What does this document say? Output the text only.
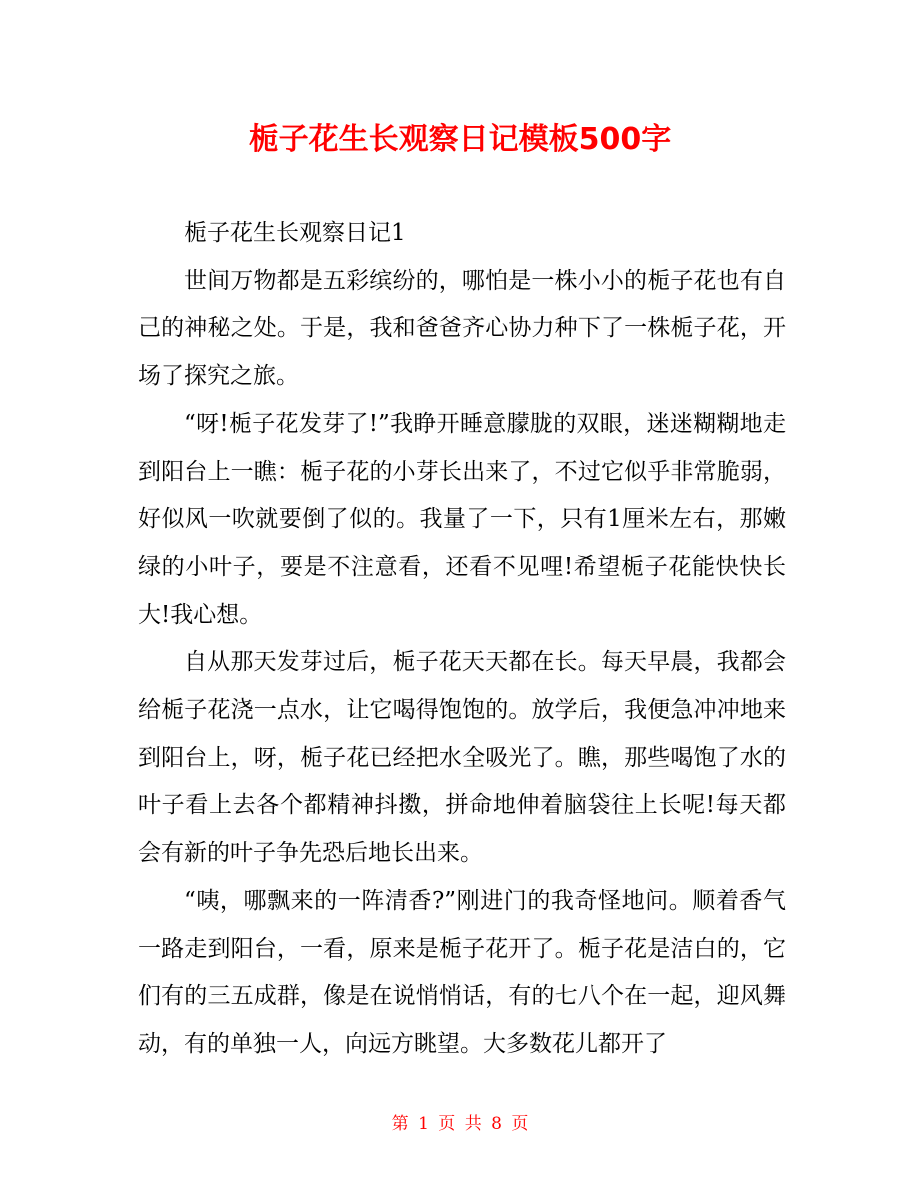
栀子花生长观察日记模板500字

栀子花生长观察日记1

世间万物都是五彩缤纷的，哪怕是一株小小的栀子花也有自己的神秘之处。于是，我和爸爸齐心协力种下了一株栀子花，开场了探究之旅。

“呀!栀子花发芽了!”我睁开睡意朦胧的双眼，迷迷糊糊地走到阳台上一瞧：栀子花的小芽长出来了，不过它似乎非常脆弱，好似风一吹就要倒了似的。我量了一下，只有1厘米左右，那嫩绿的小叶子，要是不注意看，还看不见哩!希望栀子花能快快长大!我心想。

自从那天发芽过后，栀子花天天都在长。每天早晨，我都会给栀子花浇一点水，让它喝得饱饱的。放学后，我便急冲冲地来到阳台上，呀，栀子花已经把水全吸光了。瞧，那些喝饱了水的叶子看上去各个都精神抖擞，拼命地伸着脑袋往上长呢!每天都会有新的叶子争先恐后地长出来。

“咦，哪飘来的一阵清香?”刚进门的我奇怪地问。顺着香气一路走到阳台，一看，原来是栀子花开了。栀子花是洁白的，它们有的三五成群，像是在说悄悄话，有的七八个在一起，迎风舞动，有的单独一人，向远方眺望。大多数花儿都开了

第 1 页 共 8 页
